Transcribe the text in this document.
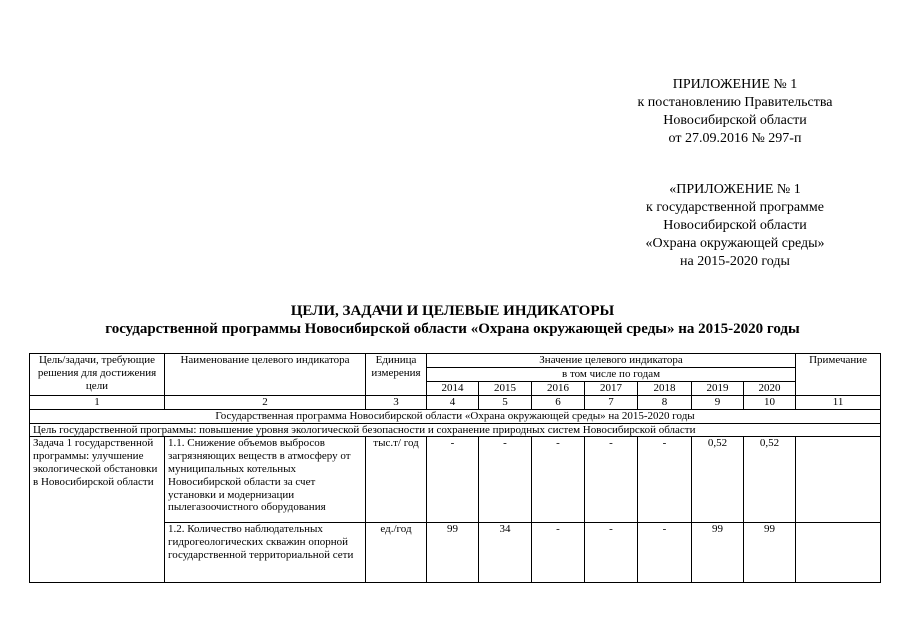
ПРИЛОЖЕНИЕ № 1
к постановлению Правительства
Новосибирской области
от 27.09.2016 № 297-п
«ПРИЛОЖЕНИЕ № 1
к государственной программе
Новосибирской области
«Охрана окружающей среды»
на 2015-2020 годы
ЦЕЛИ, ЗАДАЧИ И ЦЕЛЕВЫЕ ИНДИКАТОРЫ
государственной программы Новосибирской области «Охрана окружающей среды» на 2015-2020 годы
Цель/задачи, требующие решения для достижения цели	Наименование целевого индикатора	Единица измерения	Значение целевого индикатора							Примечание
			в том числе по годам							
			2014	2015	2016	2017	2018	2019	2020	
1	2	3	4	5	6	7	8	9	10	11
Государственная программа Новосибирской области «Охрана окружающей среды» на 2015-2020 годы										
Цель государственной программы: повышение уровня экологической безопасности и сохранение природных систем Новосибирской области										
Задача 1 государственной программы: улучшение экологической обстановки в Новосибирской области	1.1. Снижение объемов выбросов загрязняющих веществ в атмосферу от муниципальных котельных Новосибирской области за счет установки и модернизации пылегазоочистного оборудования	тыс.т/ год	-	-	-	-	-	0,52	0,52	
	1.2. Количество наблюдательных гидрогеологических скважин опорной государственной территориальной сети	ед./год	99	34	-	-	-	99	99	
